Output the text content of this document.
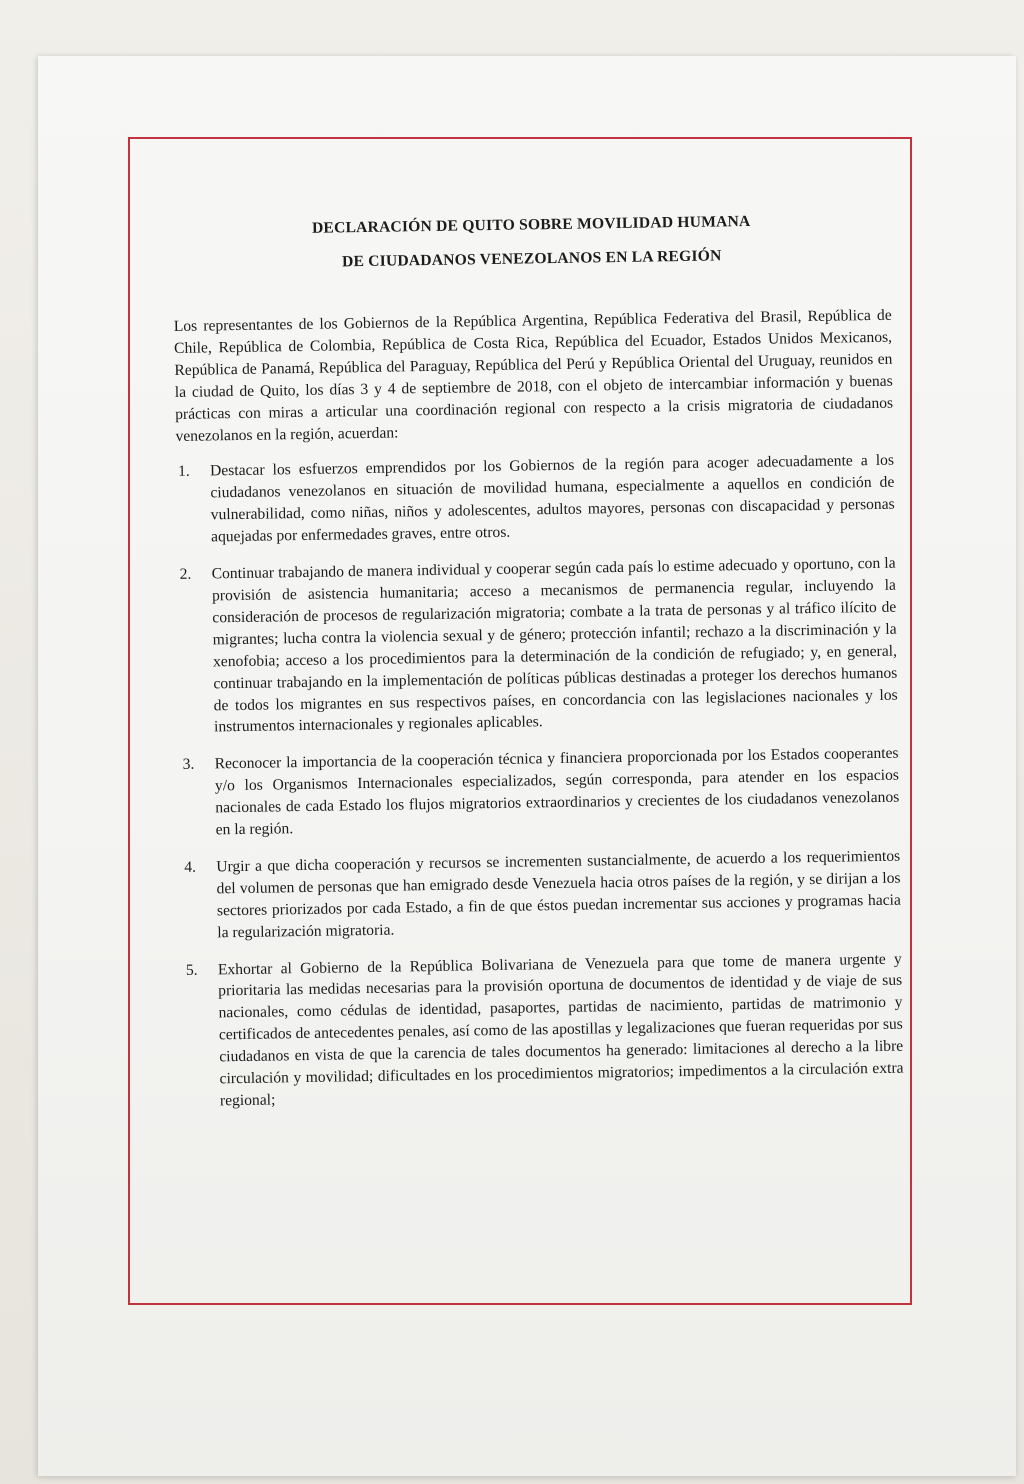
DECLARACIÓN DE QUITO SOBRE MOVILIDAD HUMANA
DE CIUDADANOS VENEZOLANOS EN LA REGIÓN

Los representantes de los Gobiernos de la República Argentina, República Federativa del Brasil, República de Chile, República de Colombia, República de Costa Rica, República del Ecuador, Estados Unidos Mexicanos, República de Panamá, República del Paraguay, República del Perú y República Oriental del Uruguay, reunidos en la ciudad de Quito, los días 3 y 4 de septiembre de 2018, con el objeto de intercambiar información y buenas prácticas con miras a articular una coordinación regional con respecto a la crisis migratoria de ciudadanos venezolanos en la región, acuerdan:

1. Destacar los esfuerzos emprendidos por los Gobiernos de la región para acoger adecuadamente a los ciudadanos venezolanos en situación de movilidad humana, especialmente a aquellos en condición de vulnerabilidad, como niñas, niños y adolescentes, adultos mayores, personas con discapacidad y personas aquejadas por enfermedades graves, entre otros.
2. Continuar trabajando de manera individual y cooperar según cada país lo estime adecuado y oportuno, con la provisión de asistencia humanitaria; acceso a mecanismos de permanencia regular, incluyendo la consideración de procesos de regularización migratoria; combate a la trata de personas y al tráfico ilícito de migrantes; lucha contra la violencia sexual y de género; protección infantil; rechazo a la discriminación y la xenofobia; acceso a los procedimientos para la determinación de la condición de refugiado; y, en general, continuar trabajando en la implementación de políticas públicas destinadas a proteger los derechos humanos de todos los migrantes en sus respectivos países, en concordancia con las legislaciones nacionales y los instrumentos internacionales y regionales aplicables.
3. Reconocer la importancia de la cooperación técnica y financiera proporcionada por los Estados cooperantes y/o los Organismos Internacionales especializados, según corresponda, para atender en los espacios nacionales de cada Estado los flujos migratorios extraordinarios y crecientes de los ciudadanos venezolanos en la región.
4. Urgir a que dicha cooperación y recursos se incrementen sustancialmente, de acuerdo a los requerimientos del volumen de personas que han emigrado desde Venezuela hacia otros países de la región, y se dirijan a los sectores priorizados por cada Estado, a fin de que éstos puedan incrementar sus acciones y programas hacia la regularización migratoria.
5. Exhortar al Gobierno de la República Bolivariana de Venezuela para que tome de manera urgente y prioritaria las medidas necesarias para la provisión oportuna de documentos de identidad y de viaje de sus nacionales, como cédulas de identidad, pasaportes, partidas de nacimiento, partidas de matrimonio y certificados de antecedentes penales, así como de las apostillas y legalizaciones que fueran requeridas por sus ciudadanos en vista de que la carencia de tales documentos ha generado: limitaciones al derecho a la libre circulación y movilidad; dificultades en los procedimientos migratorios; impedimentos a la circulación extra regional;
